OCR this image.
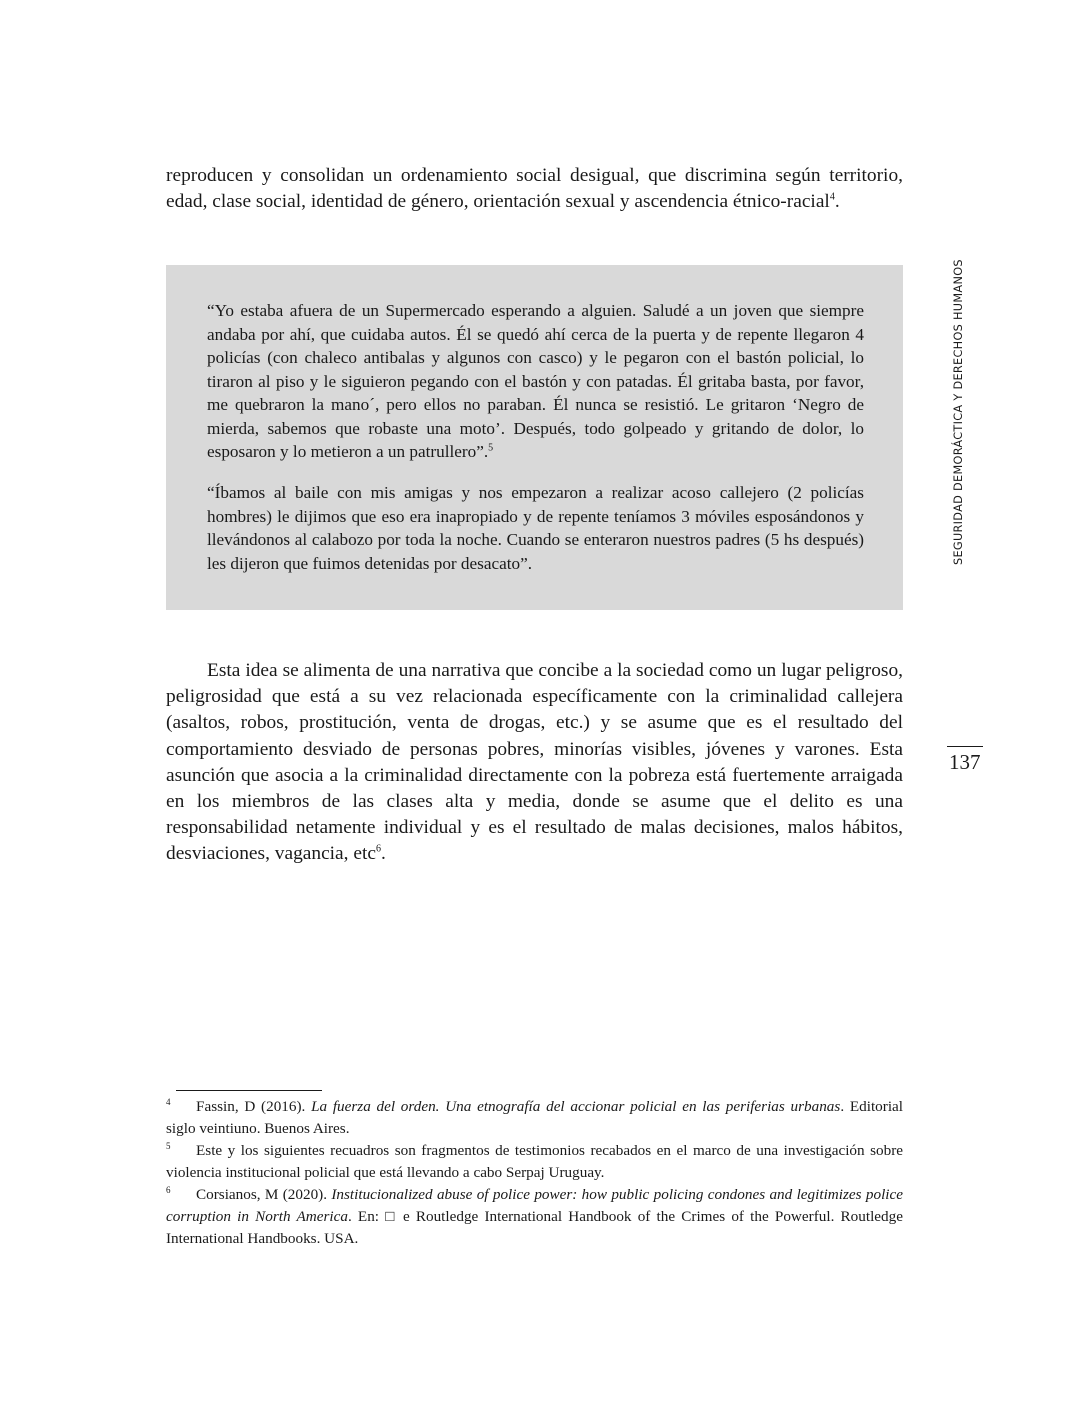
reproducen y consolidan un ordenamiento social desigual, que discrimina según territorio, edad, clase social, identidad de género, orientación sexual y ascendencia étnico-racial$^4$.

“Yo estaba afuera de un Supermercado esperando a alguien. Saludé a un joven que siempre andaba por ahí, que cuidaba autos. Él se quedó ahí cerca de la puerta y de repente llegaron 4 policías (con chaleco antibalas y algunos con casco) y le pegaron con el bastón policial, lo tiraron al piso y le siguieron pegando con el bastón y con patadas. Él gritaba basta, por favor, me quebraron la mano´, pero ellos no paraban. Él nunca se resistió. Le gritaron ‘Negro de mierda, sabemos que robaste una moto’. Después, todo golpeado y gritando de dolor, lo esposaron y lo metieron a un patrullero”.$^5$

“Íbamos al baile con mis amigas y nos empezaron a realizar acoso callejero (2 policías hombres) le dijimos que eso era inapropiado y de repente teníamos 3 móviles esposándonos y llevándonos al calabozo por toda la noche. Cuando se enteraron nuestros padres (5 hs después) les dijeron que fuimos detenidas por desacato”.

Esta idea se alimenta de una narrativa que concibe a la sociedad como un lugar peligroso, peligrosidad que está a su vez relacionada específicamente con la criminalidad callejera (asaltos, robos, prostitución, venta de drogas, etc.) y se asume que es el resultado del comportamiento desviado de personas pobres, minorías visibles, jóvenes y varones. Esta asunción que asocia a la criminalidad directamente con la pobreza está fuertemente arraigada en los miembros de las clases alta y media, donde se asume que el delito es una responsabilidad netamente individual y es el resultado de malas decisiones, malos hábitos, desviaciones, vagancia, etc$^6$.

SEGURIDAD DEMORÁCTICA Y DERECHOS HUMANOS
137

4 Fassin, D (2016). La fuerza del orden. Una etnografía del accionar policial en las periferias urbanas. Editorial siglo veintiuno. Buenos Aires.

5 Este y los siguientes recuadros son fragmentos de testimonios recabados en el marco de una investigación sobre violencia institucional policial que está llevando a cabo Serpaj Uruguay.

6 Corsianos, M (2020). Institucionalized abuse of police power: how public policing condones and legitimizes police corruption in North America. En: □ e Routledge International Handbook of the Crimes of the Powerful. Routledge International Handbooks. USA.
